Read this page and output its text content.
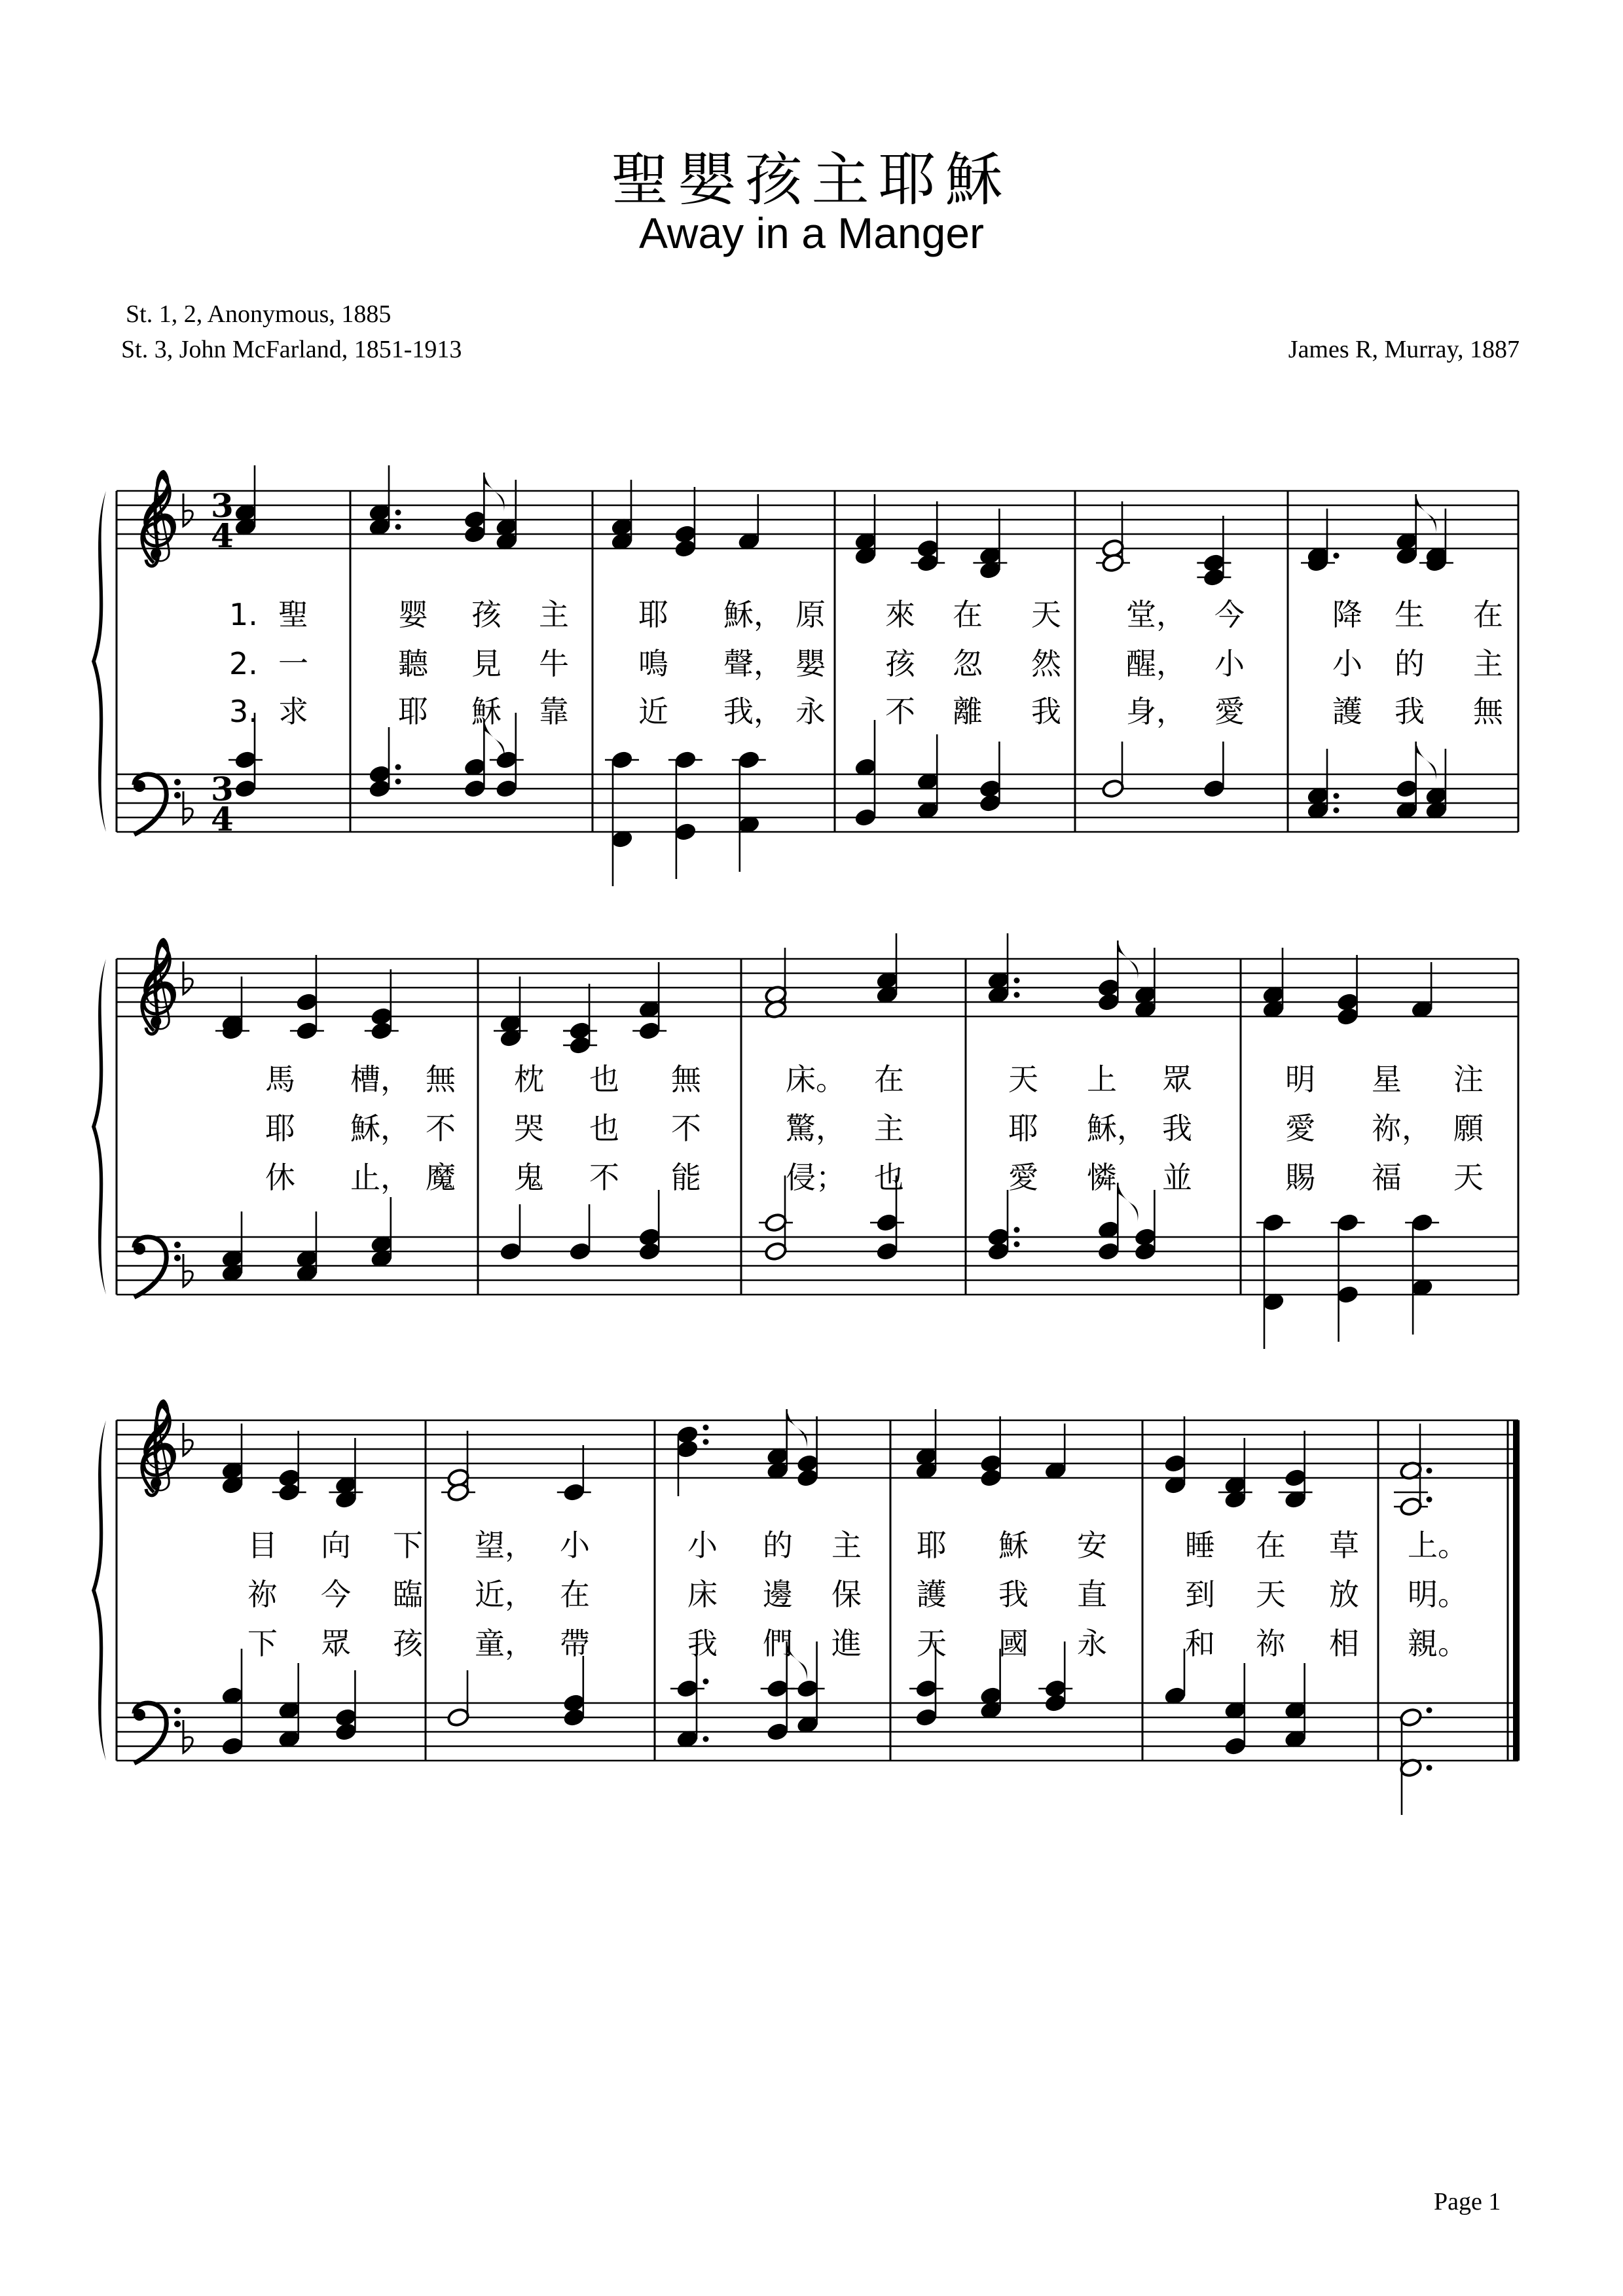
聖嬰孩主耶穌
Away in a Manger
St. 1, 2, Anonymous, 1885
St. 3, John McFarland, 1851-1913	James R, Murray, 1887
𝄞 3
4
3
4
1.
2.
3.
聖	婴 孩 主 耶 穌， 原 來 在 天 堂， 今	降 生 在
一	聽 見 牛 鳴 聲， 嬰 孩 忽 然 醒， 小	小 的 主
求	耶 穌 靠 近 我， 永 不 離 我 身， 愛	護 我 無
𝄞
馬 槽， 無 枕 也 無	床。 在	天 上 眾	明 星 注
耶 穌， 不 哭 也 不	驚， 主	耶 穌， 我	愛 祢， 願
休 止， 魔 鬼 不 能	侵； 也	愛 憐 並	賜 福 天
𝄞
目 向 下 望， 小	小 的 主 耶 穌 安	睡 在 草 上。
祢 今 臨 近， 在	床 邊 保 護 我 直	到 天 放 明。
下 眾 孩 童， 帶	我 們 進 天 國 永	和 祢 相 親。
Page 1
